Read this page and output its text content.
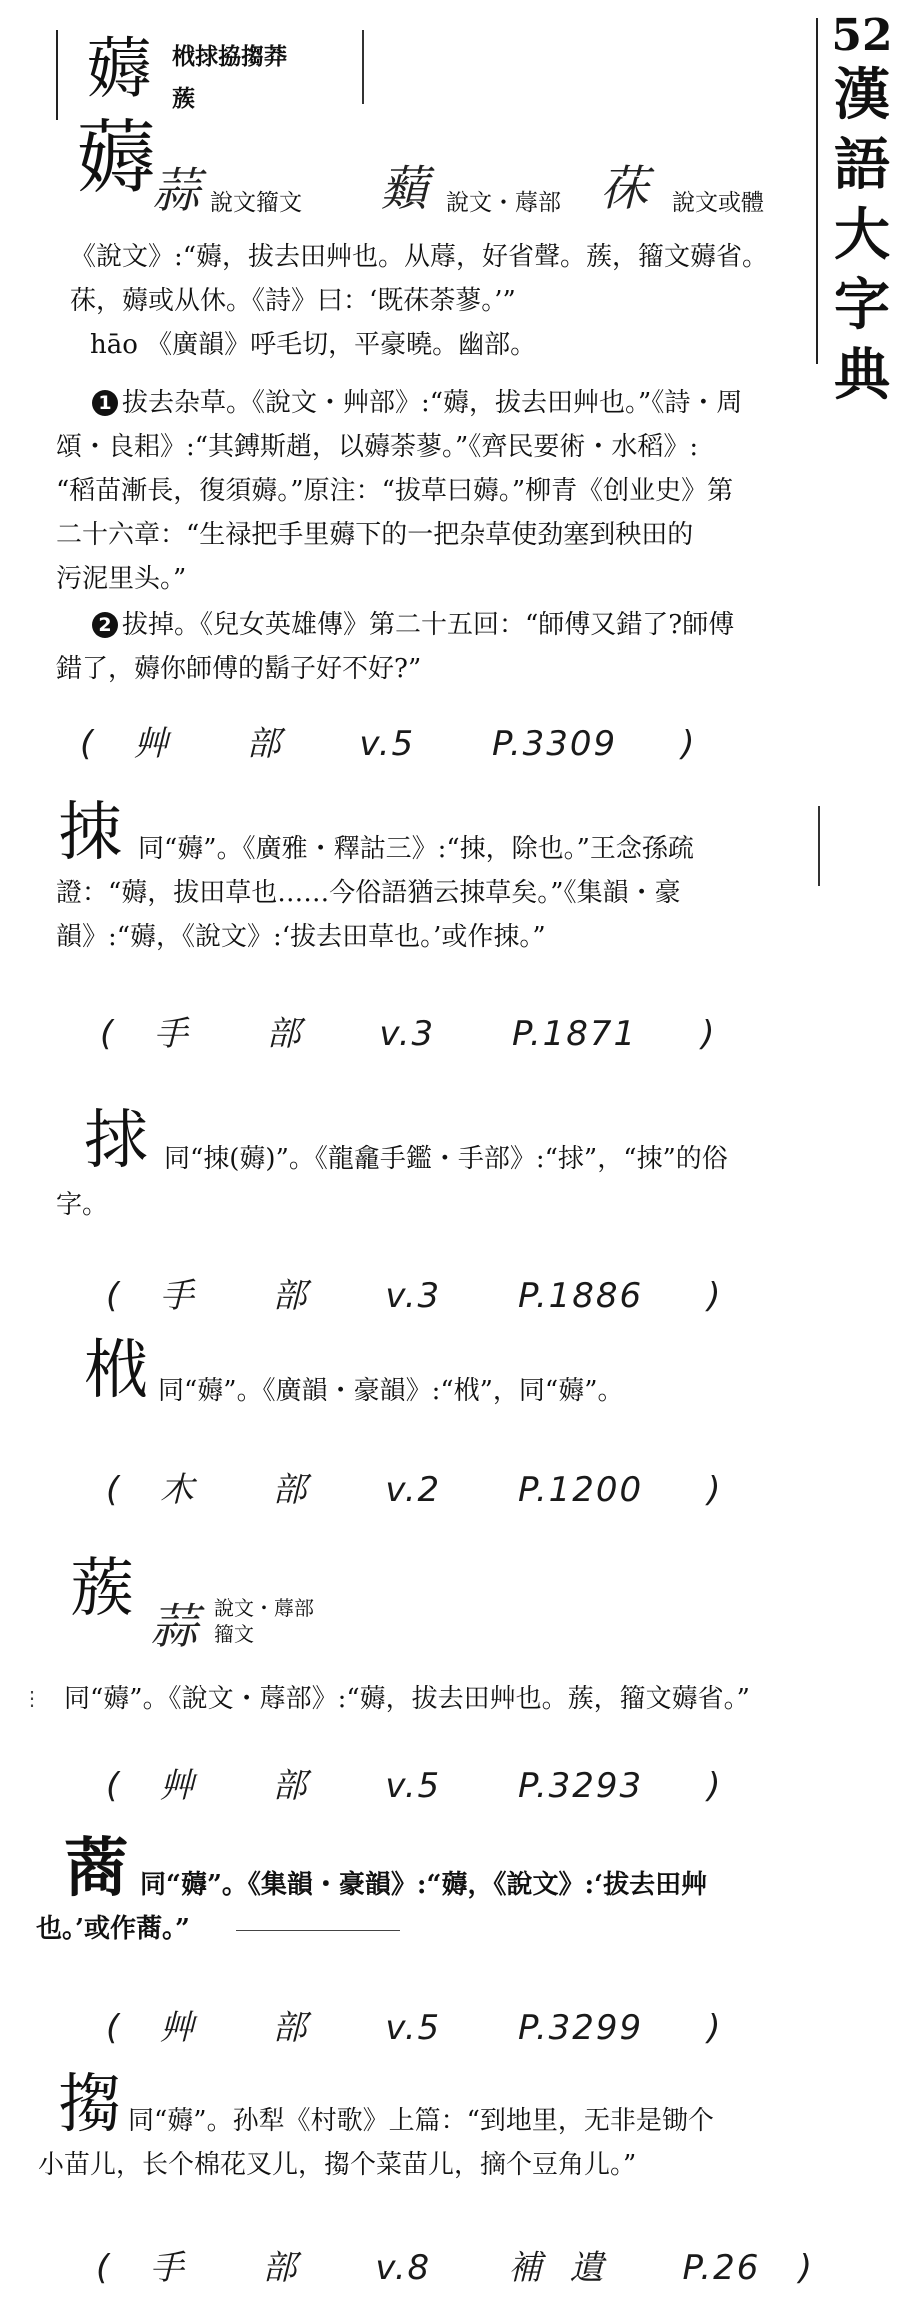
52
漢
語
大
字
典
薅 栰捄拹搊莽
蔟
薅
蒜 說文籀文 蘱 說文・蓐部 茠 說文或體
《說文》:“薅，拔去田艸也。从蓐，好省聲。蔟，籀文薅省。
茠，薅或从休。《詩》曰：‘既茠荼蓼。’”
hāo 《廣韻》呼毛切，平豪曉。幽部。
1 拔去杂草。《說文・艸部》:“薅，拔去田艸也。”《詩・周
頌・良耜》:“其鎛斯趙，以薅荼蓼。”《齊民要術・水稻》:
“稻苗漸長，復須薅。”原注：“拔草曰薅。”柳青《创业史》第
二十六章：“生禄把手里薅下的一把杂草使劲塞到秧田的
污泥里头。”
2 拔掉。《兒女英雄傳》第二十五回：“師傅又錯了?師傅
錯了，薅你師傅的鬍子好不好?”
(   艸      部      v.5      P.3309     )
拺 同“薅”。《廣雅・釋詁三》:“拺，除也。”王念孫疏
證：“薅，拔田草也……今俗語猶云拺草矣。”《集韻・豪
韻》:“薅，《說文》:‘拔去田草也。’或作拺。”
(   手      部      v.3      P.1871     )
捄 同“拺(薅)”。《龍龕手鑑・手部》:“捄”，“拺”的俗
字。
(   手      部      v.3      P.1886     )
栰 同“薅”。《廣韻・豪韻》:“栰”，同“薅”。
(   木      部      v.2      P.1200     )
蔟
蒜 說文・蓐部
籀文
⋮ 同“薅”。《說文・蓐部》:“薅，拔去田艸也。蔟，籀文薅省。”
(   艸      部      v.5      P.3293     )
蔏 同“薅”。《集韻・豪韻》:“薅，《說文》:‘拔去田艸
也。’或作蔏。”
(   艸      部      v.5      P.3299     )
搊 同“薅”。孙犁《村歌》上篇：“到地里，无非是锄个
小苗儿，长个棉花叉儿，搊个菜苗儿，摘个豆角儿。”
(   手      部      v.8      補  遺      P.26   )
